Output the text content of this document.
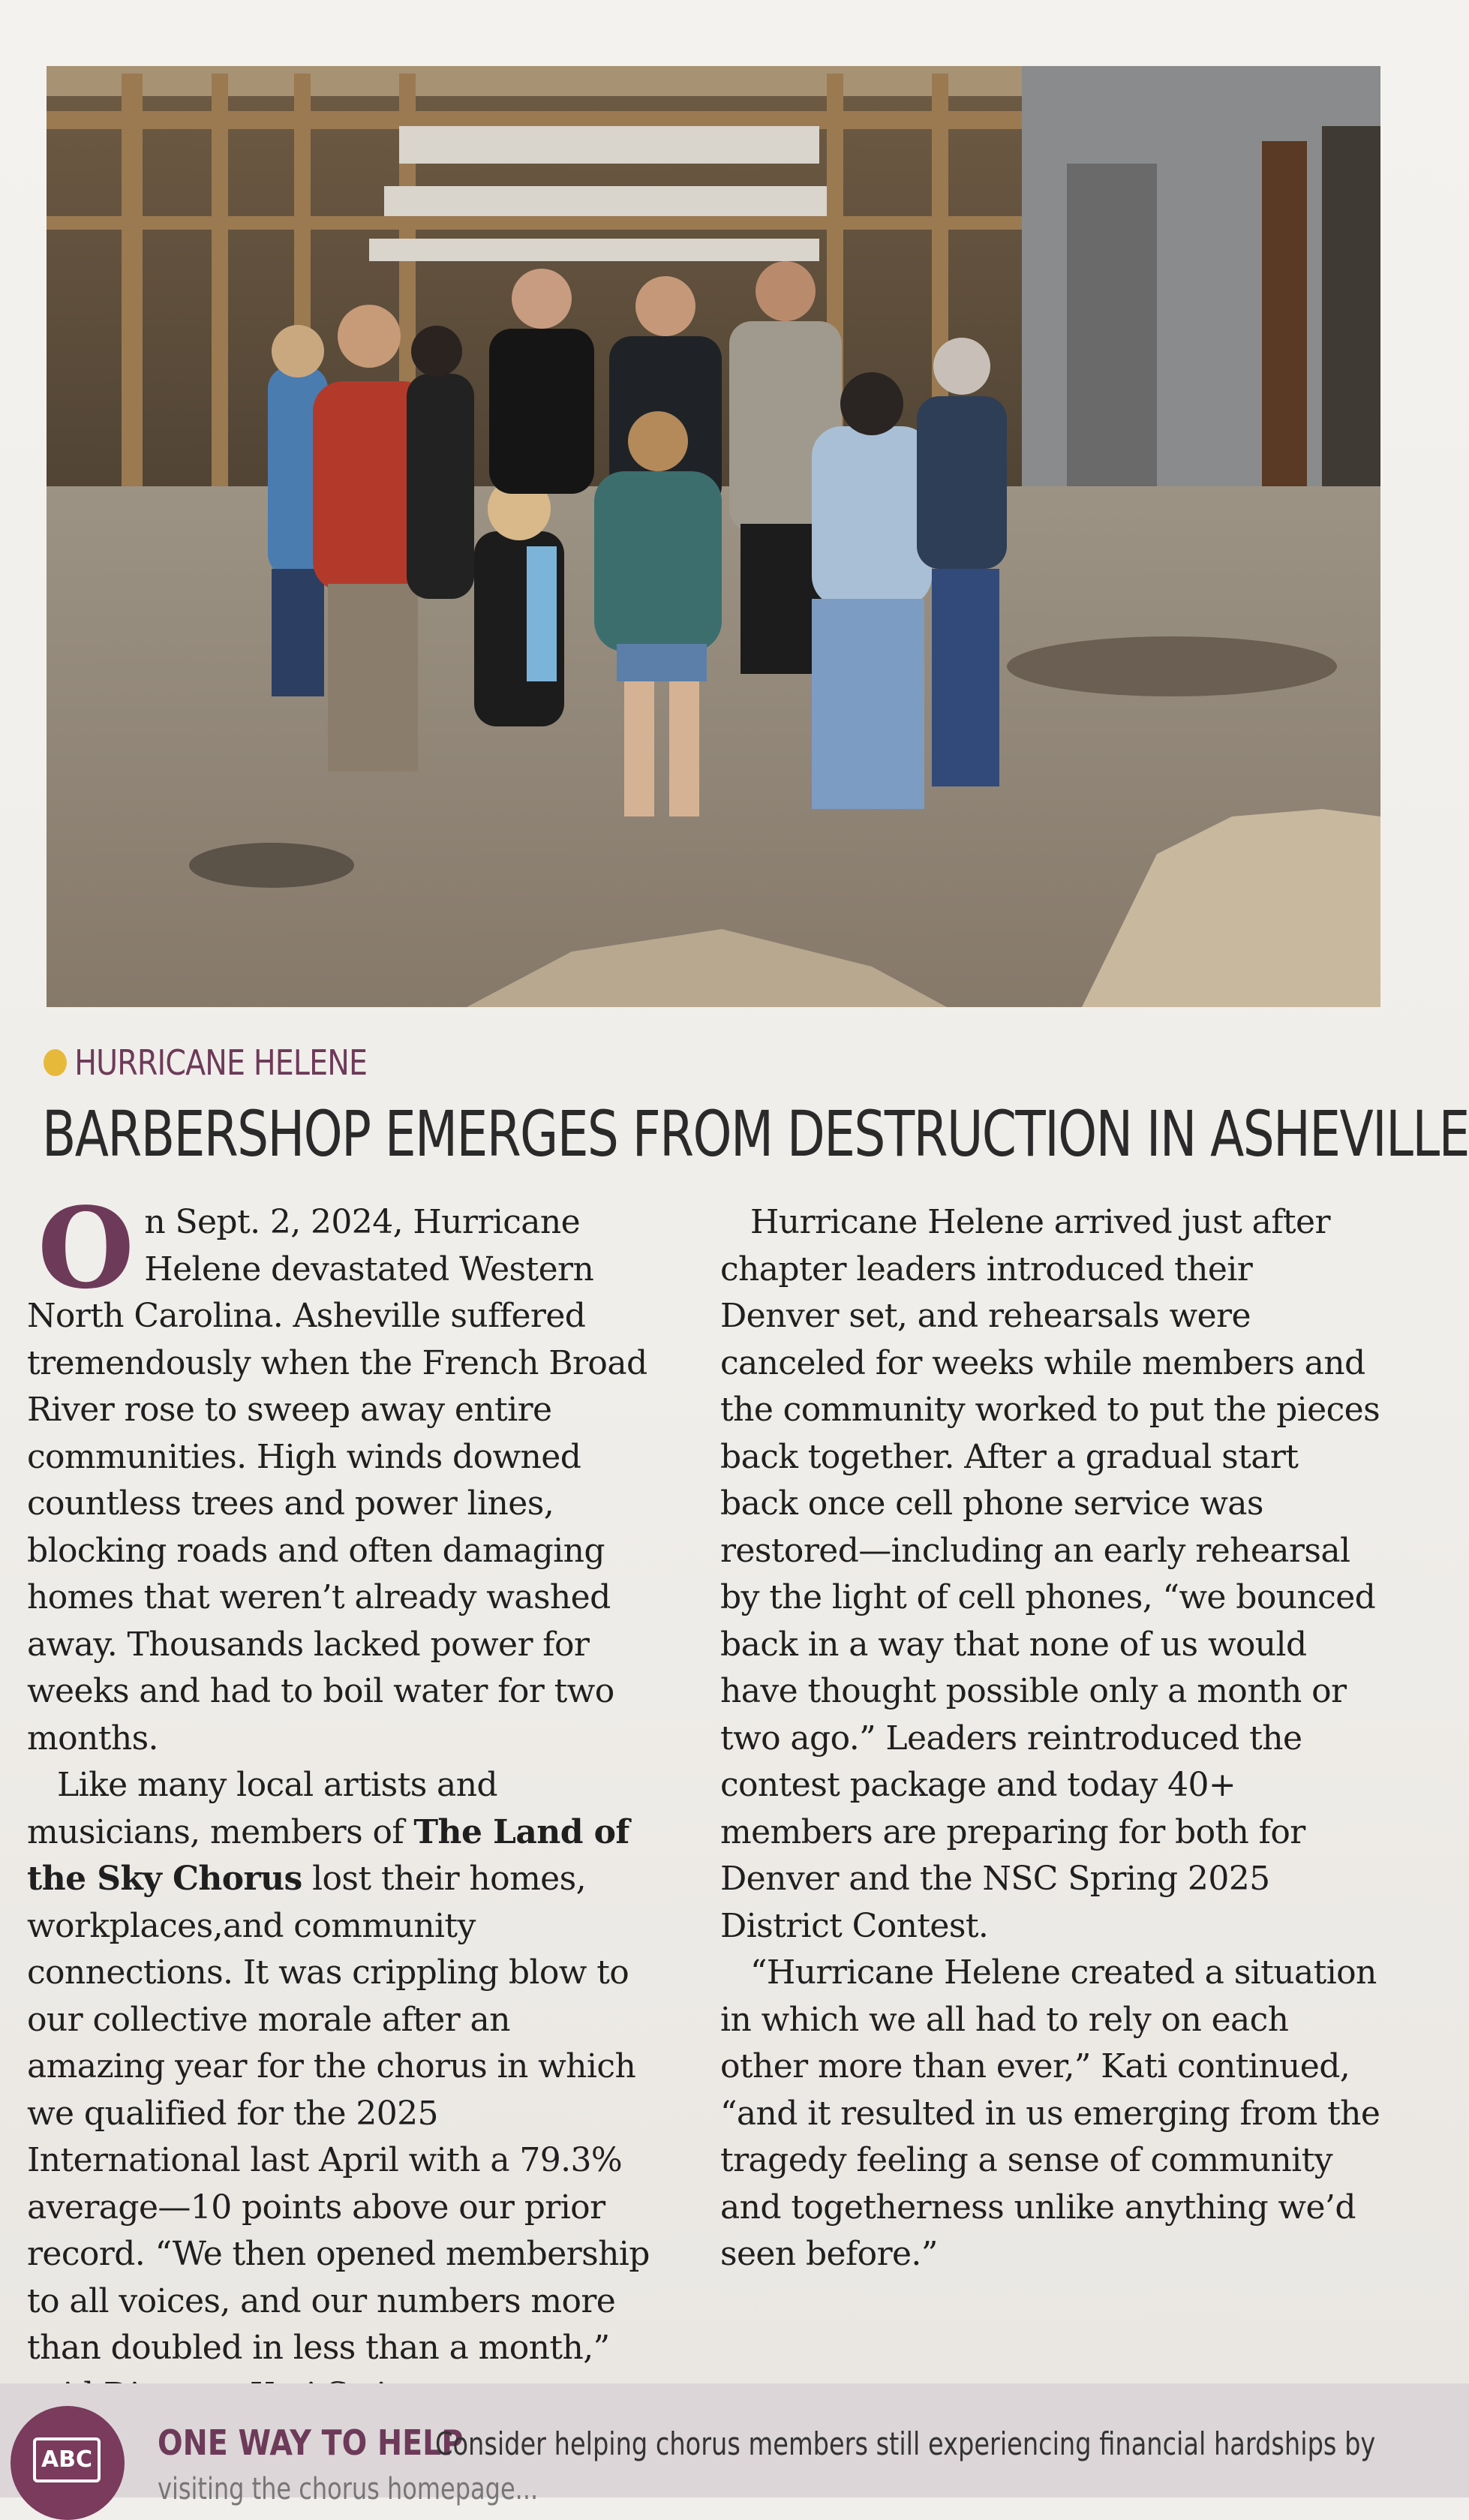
HURRICANE HELENE
BARBERSHOP EMERGES FROM DESTRUCTION IN ASHEVILLE

On Sept. 2, 2024, Hurricane Helene devastated Western North Carolina. Asheville suffered tremendously when the French Broad River rose to sweep away entire communities. High winds downed countless trees and power lines, blocking roads and often damaging homes that weren’t already washed away. Thousands lacked power for weeks and had to boil water for two months.

Like many local artists and musicians, members of The Land of the Sky Chorus lost their homes, workplaces,and community connections. It was crippling blow to our collective morale after an amazing year for the chorus in which we qualified for the 2025 International last April with a 79.3% average—10 points above our prior record. “We then opened membership to all voices, and our numbers more than doubled in less than a month,”

Hurricane Helene arrived just after chapter leaders introduced their Denver set, and rehearsals were canceled for weeks while members and the community worked to put the pieces back together. After a gradual start back once cell phone service was restored—including an early rehearsal by the light of cell phones, “we bounced back in a way that none of us would have thought possible only a month or two ago.” Leaders reintroduced the contest package and today 40+ members are preparing for both for Denver and the NSC Spring 2025 District Contest.

“Hurricane Helene created a situation in which we all had to rely on each other more than ever,” Kati continued, “and it resulted in us emerging from the tragedy feeling a sense of community and togetherness unlike anything we’d seen before.”

ABC ONE WAY TO HELP
Consider helping chorus members still experiencing financial hardships by
visiting the chorus homepage...
